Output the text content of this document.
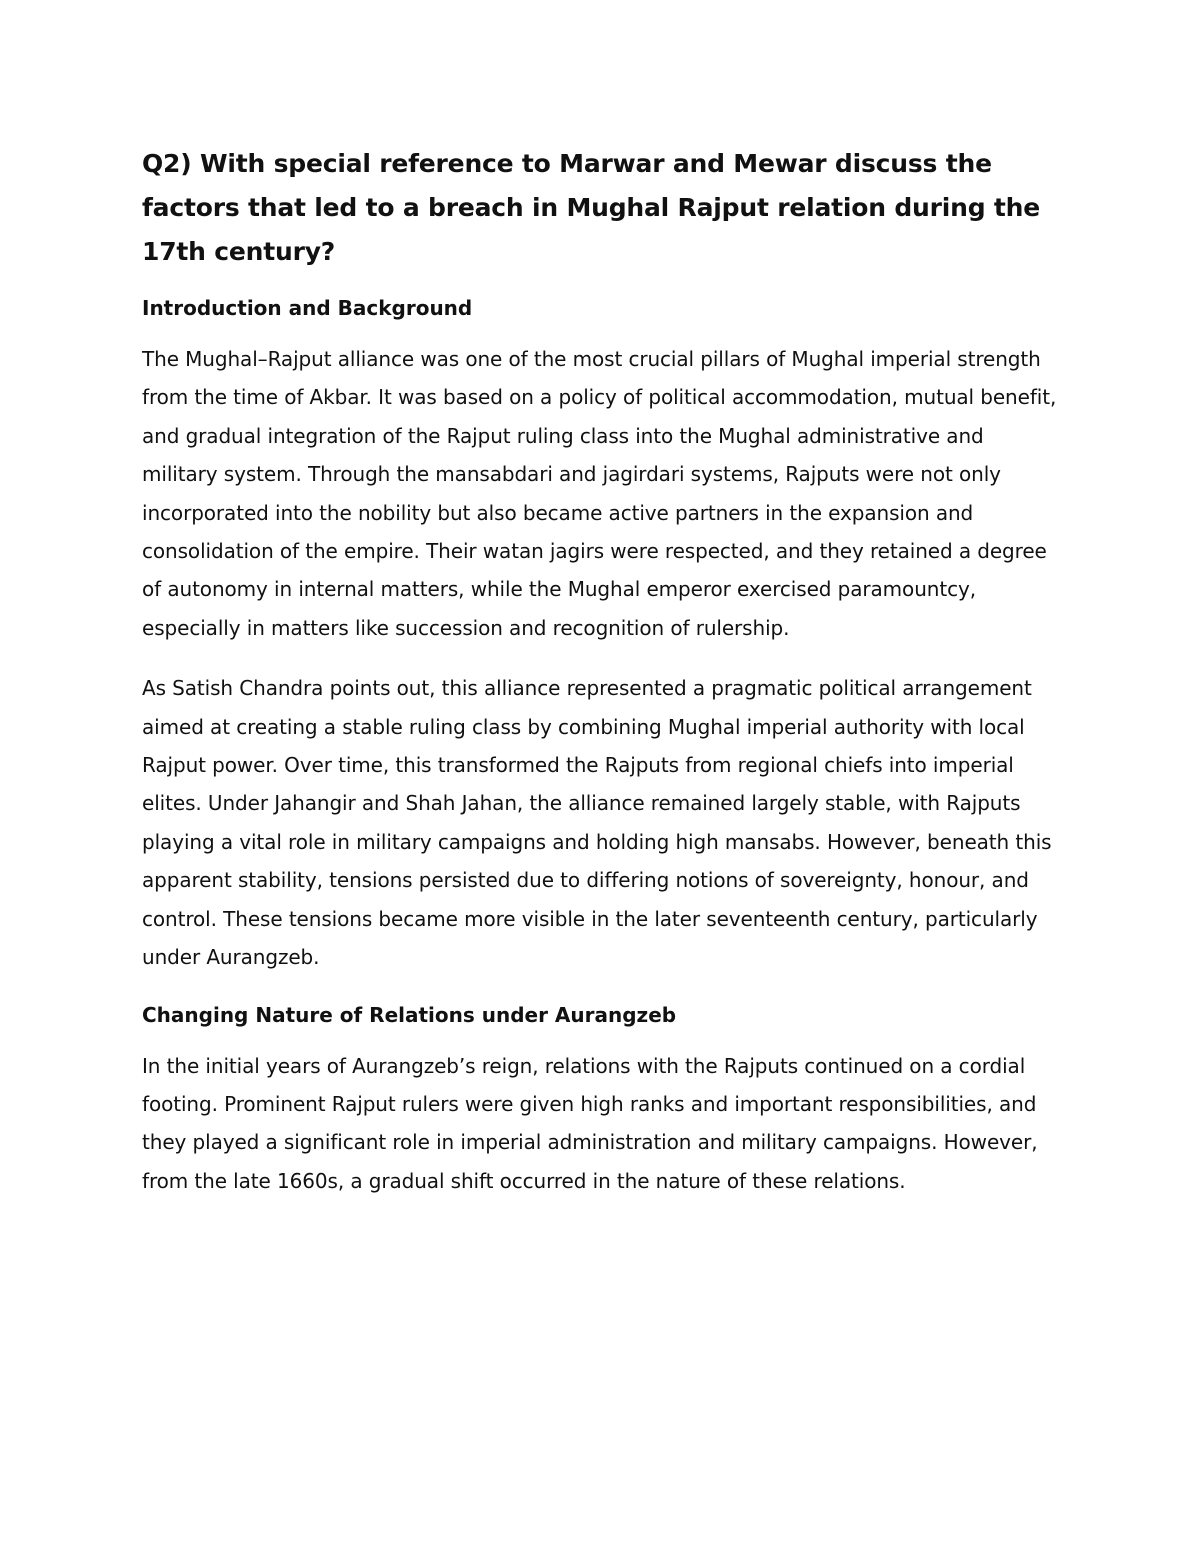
Q2) With special reference to Marwar and Mewar discuss the factors that led to a breach in Mughal Rajput relation during the 17th century?
Introduction and Background

The Mughal–Rajput alliance was one of the most crucial pillars of Mughal imperial strength from the time of Akbar. It was based on a policy of political accommodation, mutual benefit, and gradual integration of the Rajput ruling class into the Mughal administrative and military system. Through the mansabdari and jagirdari systems, Rajputs were not only incorporated into the nobility but also became active partners in the expansion and consolidation of the empire. Their watan jagirs were respected, and they retained a degree of autonomy in internal matters, while the Mughal emperor exercised paramountcy, especially in matters like succession and recognition of rulership.

As Satish Chandra points out, this alliance represented a pragmatic political arrangement aimed at creating a stable ruling class by combining Mughal imperial authority with local Rajput power. Over time, this transformed the Rajputs from regional chiefs into imperial elites. Under Jahangir and Shah Jahan, the alliance remained largely stable, with Rajputs playing a vital role in military campaigns and holding high mansabs. However, beneath this apparent stability, tensions persisted due to differing notions of sovereignty, honour, and control. These tensions became more visible in the later seventeenth century, particularly under Aurangzeb.

Changing Nature of Relations under Aurangzeb

In the initial years of Aurangzeb’s reign, relations with the Rajputs continued on a cordial footing. Prominent Rajput rulers were given high ranks and important responsibilities, and they played a significant role in imperial administration and military campaigns. However, from the late 1660s, a gradual shift occurred in the nature of these relations.
